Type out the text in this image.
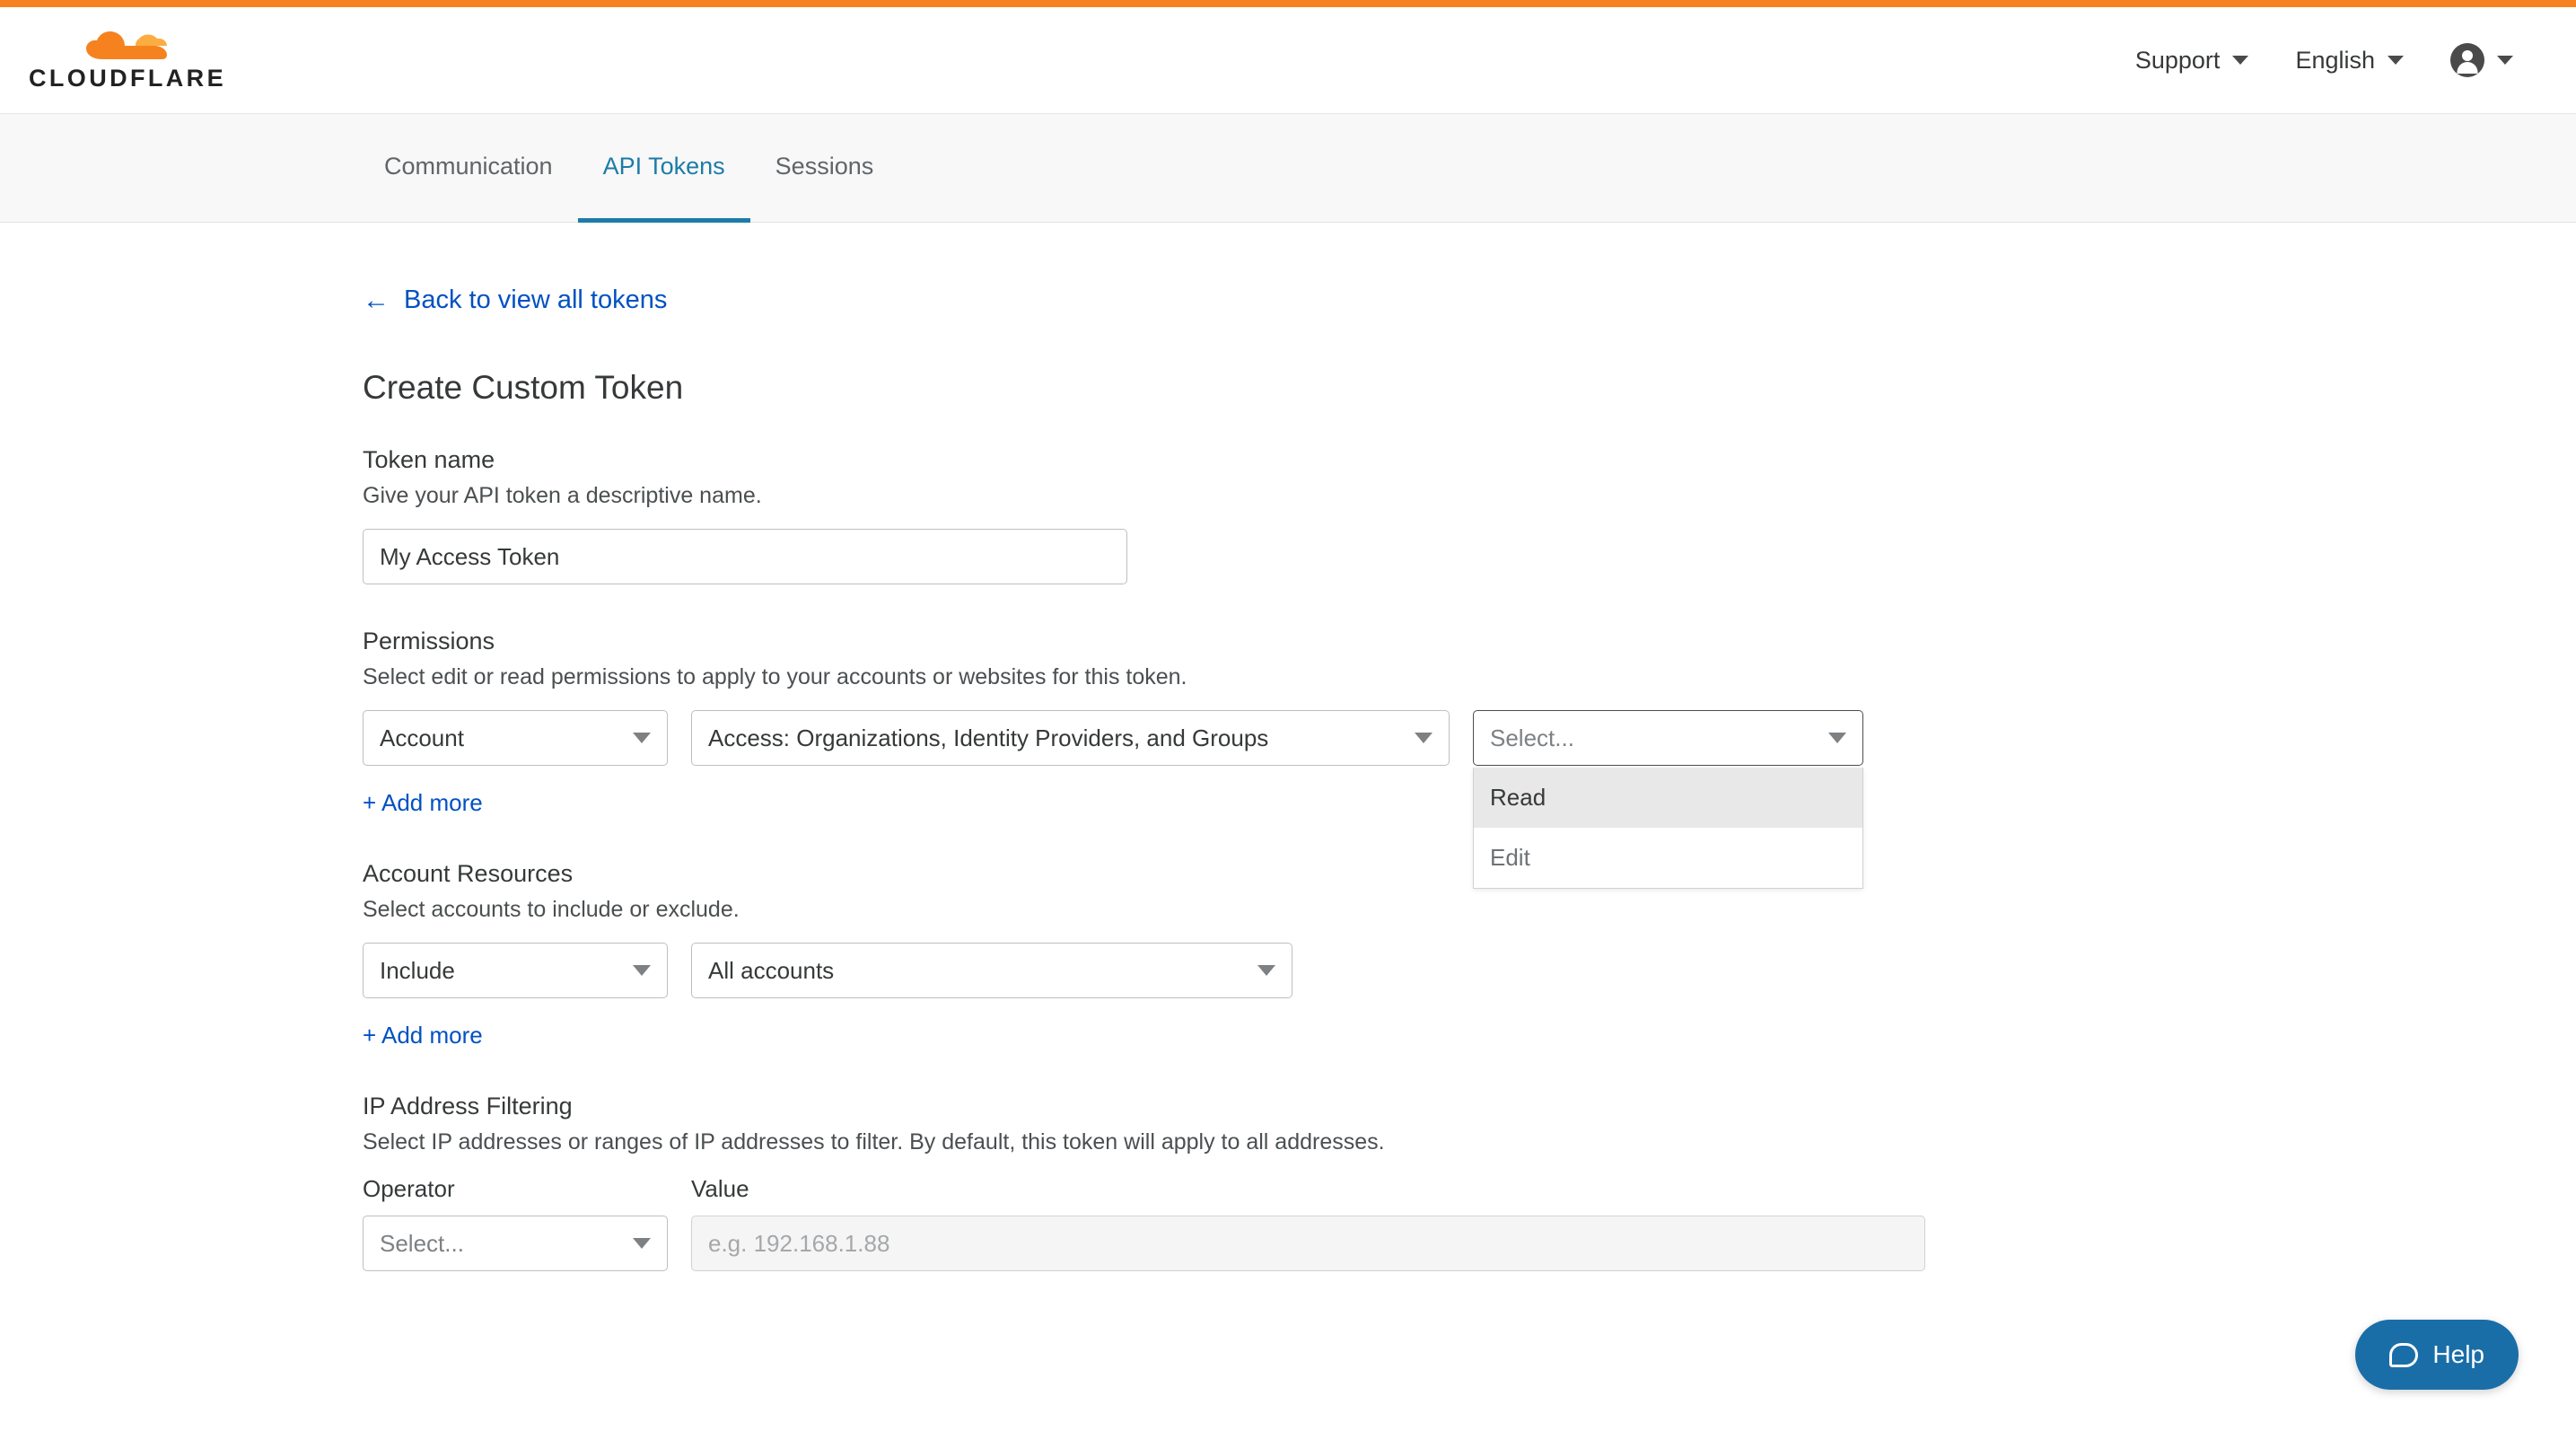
CLOUDFLARE
Support	English
Communication API Tokens Sessions
← Back to view all tokens
Create Custom Token
Token name
Give your API token a descriptive name.
My Access Token
Permissions
Select edit or read permissions to apply to your accounts or websites for this token.
Account	Access: Organizations, Identity Providers, and Groups	Select...
Read
Edit
+ Add more
Account Resources
Select accounts to include or exclude.
Include	All accounts
+ Add more
IP Address Filtering
Select IP addresses or ranges of IP addresses to filter. By default, this token will apply to all addresses.
Operator
Select...
Value
e.g. 192.168.1.88
Help
